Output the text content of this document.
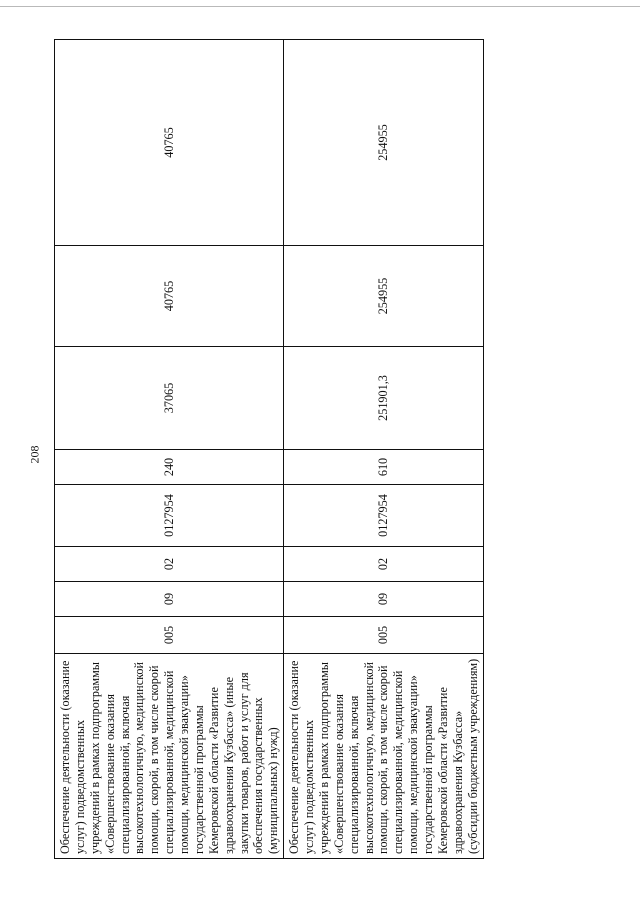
208
Обеспечение деятельности (оказание услуг) подведомственных учреждений в рамках подпрограммы «Совершенствование оказания специализированной, включая высокотехнологичную, медицинской помощи, скорой, в том числе скорой специализированной, медицинской помощи, медицинской эвакуации» государственной программы Кемеровской области «Развитие здравоохранения Кузбасса» (иные закупки товаров, работ и услуг для обеспечения государственных (муниципальных) нужд)	005	09	02	0127954	240	37065	40765	40765
Обеспечение деятельности (оказание услуг) подведомственных учреждений в рамках подпрограммы «Совершенствование оказания специализированной, включая высокотехнологичную, медицинской помощи, скорой, в том числе скорой специализированной, медицинской помощи, медицинской эвакуации» государственной программы Кемеровской области «Развитие здравоохранения Кузбасса» (субсидии бюджетным учреждениям)	005	09	02	0127954	610	251901,3	254955	254955
